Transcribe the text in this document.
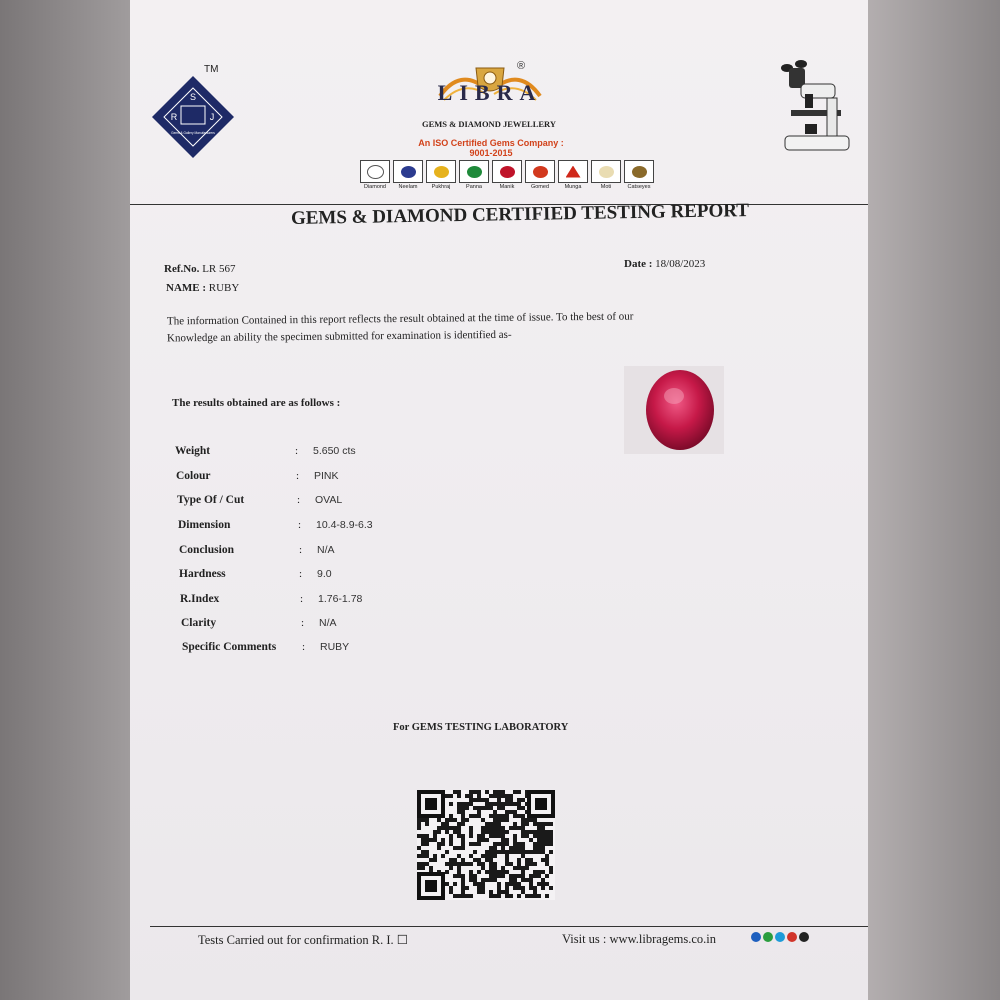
S
R	J
Gems & Gallery Manufacturers
TM	®
LIBRA
GEMS & DIAMOND JEWELLERY
An ISO Certified Gems Company : 9001-2015
Diamond	Neelam	Pukhraj	Panna	Manik	Gomed	Munga	Moti	Catseyes
GEMS & DIAMOND CERTIFIED TESTING REPORT
Ref.No. LR 567
NAME : RUBY
Date : 18/08/2023
The information Contained in this report reflects the result obtained at the time of issue. To the best of our
Knowledge an ability the specimen submitted for examination is identified as-
The results obtained are as follows :
Weight	: 5.650 cts
Colour	: PINK
Type Of / Cut	: OVAL
Dimension	: 10.4-8.9-6.3
Conclusion	: N/A
Hardness	: 9.0
R.Index	: 1.76-1.78
Clarity	: N/A
Specific Comments : RUBY
For GEMS TESTING LABORATORY
Tests Carried out for confirmation R. I. ☐	Visit us : www.libragems.co.in
